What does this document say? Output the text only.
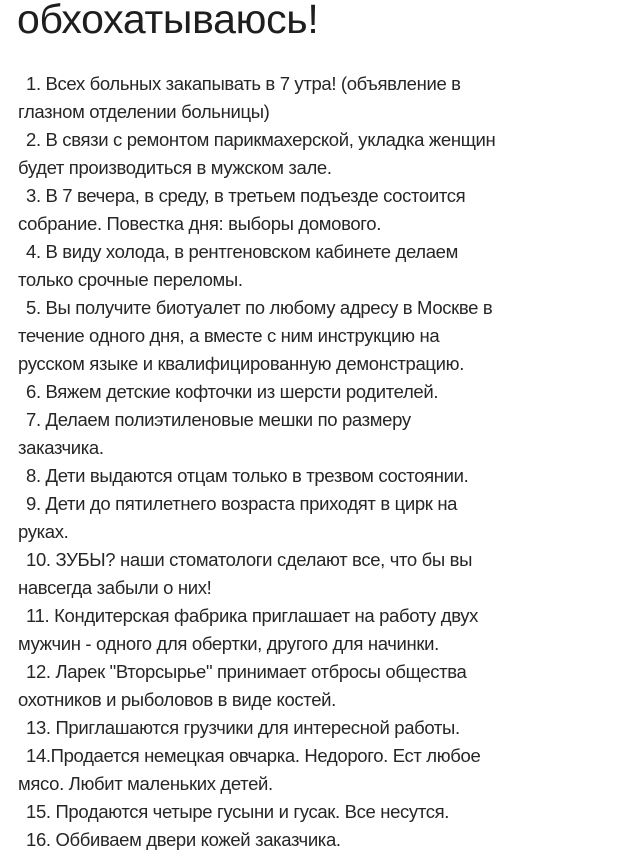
обхохатываюсь!
1. Всех больных закапывать в 7 утра! (объявление в
глазном отделении больницы)
2. В связи с ремонтом парикмахерской, укладка женщин
будет производиться в мужском зале.
3. В 7 вечера, в среду, в третьем подъезде состоится
собрание. Повестка дня: выборы домового.
4. В виду холода, в рентгеновском кабинете делаем
только срочные переломы.
5. Вы получите биотуалет по любому адресу в Москве в
течение одного дня, а вместе с ним инструкцию на
русском языке и квалифицированную демонстрацию.
6. Вяжем детские кофточки из шерсти родителей.
7. Делаем полиэтиленовые мешки по размеру
заказчика.
8. Дети выдаются отцам только в трезвом состоянии.
9. Дети до пятилетнего возраста приходят в цирк на
руках.
10. ЗУБЫ? наши стоматологи сделают все, что бы вы
навсегда забыли о них!
11. Кондитерская фабрика приглашает на работу двух
мужчин - одного для обертки, другого для начинки.
12. Ларек "Вторсырье" принимает отбросы общества
охотников и рыболовов в виде костей.
13. Приглашаются грузчики для интересной работы.
14.Продается немецкая овчарка. Недорого. Ест любое
мясо. Любит маленьких детей.
15. Продаются четыре гусыни и гусак. Все несутся.
16. Оббиваем двери кожей заказчика.
